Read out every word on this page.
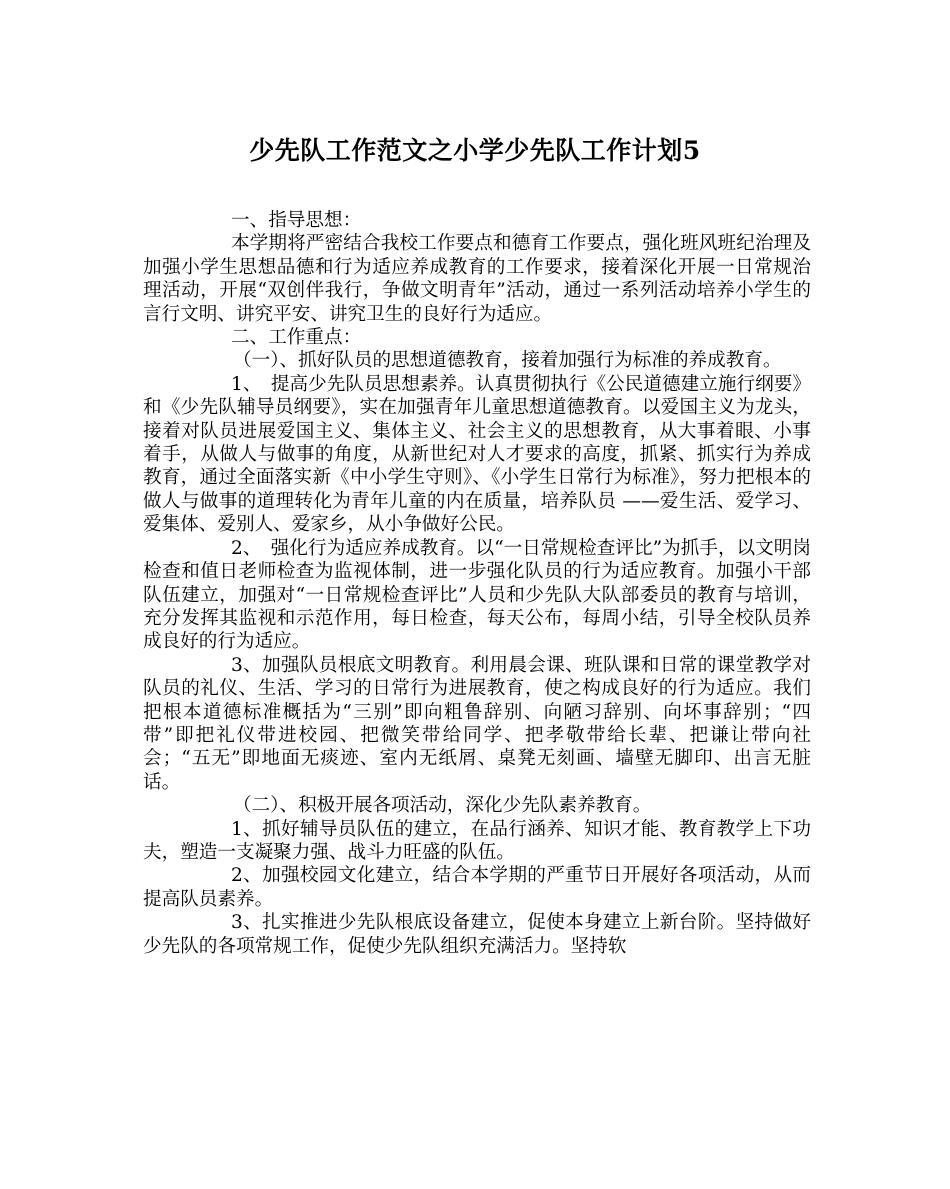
少先队工作范文之小学少先队工作计划5

一、指导思想：

本学期将严密结合我校工作要点和德育工作要点，强化班风班纪治理及加强小学生思想品德和行为适应养成教育的工作要求，接着深化开展一日常规治理活动，开展“双创伴我行，争做文明青年”活动，通过一系列活动培养小学生的言行文明、讲究平安、讲究卫生的良好行为适应。

二、工作重点：

（一）、抓好队员的思想道德教育，接着加强行为标准的养成教育。

1、　提高少先队员思想素养。认真贯彻执行《公民道德建立施行纲要》和《少先队辅导员纲要》，实在加强青年儿童思想道德教育。以爱国主义为龙头，接着对队员进展爱国主义、集体主义、社会主义的思想教育，从大事着眼、小事着手，从做人与做事的角度，从新世纪对人才要求的高度，抓紧、抓实行为养成教育，通过全面落实新《中小学生守则》、《小学生日常行为标准》，努力把根本的做人与做事的道理转化为青年儿童的内在质量，培养队员 ——爱生活、爱学习、爱集体、爱别人、爱家乡，从小争做好公民。

2、　强化行为适应养成教育。以“一日常规检查评比”为抓手，以文明岗检查和值日老师检查为监视体制，进一步强化队员的行为适应教育。加强小干部队伍建立，加强对“一日常规检查评比”人员和少先队大队部委员的教育与培训，充分发挥其监视和示范作用，每日检查，每天公布，每周小结，引导全校队员养成良好的行为适应。

3、加强队员根底文明教育。利用晨会课、班队课和日常的课堂教学对队员的礼仪、生活、学习的日常行为进展教育，使之构成良好的行为适应。我们把根本道德标准概括为“三别”即向粗鲁辞别、向陋习辞别、向坏事辞别；“四带”即把礼仪带进校园、把微笑带给同学、把孝敬带给长辈、把谦让带向社会；“五无”即地面无痰迹、室内无纸屑、桌凳无刻画、墙壁无脚印、出言无脏话。

（二）、积极开展各项活动，深化少先队素养教育。

1、抓好辅导员队伍的建立，在品行涵养、知识才能、教育教学上下功夫，塑造一支凝聚力强、战斗力旺盛的队伍。

2、加强校园文化建立，结合本学期的严重节日开展好各项活动，从而提高队员素养。

3、扎实推进少先队根底设备建立，促使本身建立上新台阶。坚持做好少先队的各项常规工作，促使少先队组织充满活力。坚持软
